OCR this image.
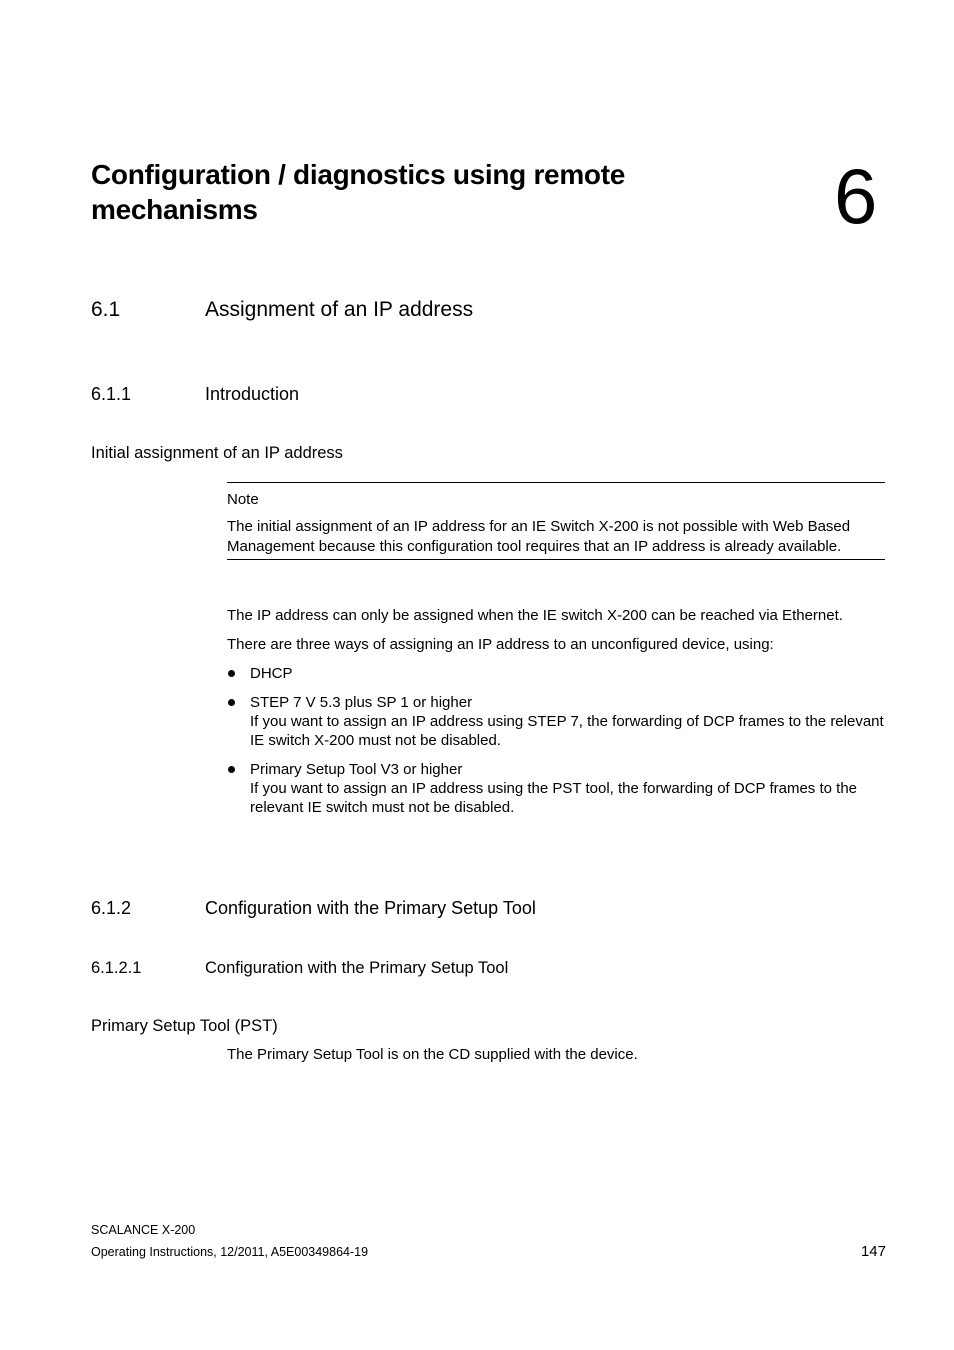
Configuration / diagnostics using remote mechanisms	6
6.1	Assignment of an IP address
6.1.1	Introduction
Initial assignment of an IP address
Note

The initial assignment of an IP address for an IE Switch X-200 is not possible with Web Based Management because this configuration tool requires that an IP address is already available.

The IP address can only be assigned when the IE switch X-200 can be reached via Ethernet.

There are three ways of assigning an IP address to an unconfigured device, using:

DHCP
STEP 7 V 5.3 plus SP 1 or higher
If you want to assign an IP address using STEP 7, the forwarding of DCP frames to the relevant IE switch X-200 must not be disabled.
Primary Setup Tool V3 or higher
If you want to assign an IP address using the PST tool, the forwarding of DCP frames to the relevant IE switch must not be disabled.
6.1.2	Configuration with the Primary Setup Tool
6.1.2.1	Configuration with the Primary Setup Tool
Primary Setup Tool (PST)

The Primary Setup Tool is on the CD supplied with the device.

SCALANCE X-200
Operating Instructions, 12/2011, A5E00349864-19	147
